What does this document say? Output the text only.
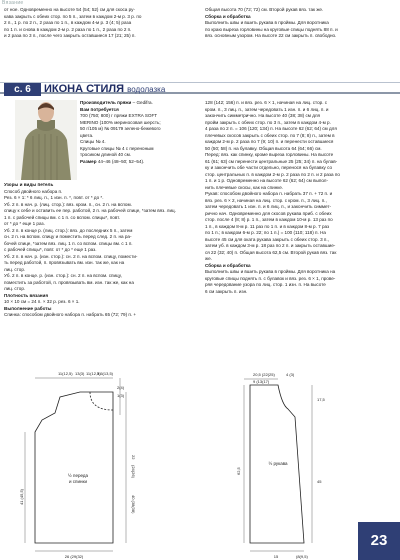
Вязание

от ное. Одновременно на высоте 54 (54; 52) см для скоса ру-

кава закрыть с обеих стор. по 5 п., затем в каждом 2-м р. 3 р. по

2 п., 1 р. по 2 п., 2 раза по 1 п., в каждом 4-м р. 3 (4; 5) раза

по 1 п. и снова в каждом 2-м р. 2 раза по 1 п., 2 раза по 2 п.

и 2 раза по 3 п., после чего закрыть оставшиеся 17 (21; 25) п.

Общая высота 70 (72; 72) см. Второй рукав вяз. так же.

Сборка и обработка

Выполнить швы и вшить рукава в проймы. Для воротника

по краю выреза горловины на круговые спицы поднять 88 п. и

вяз. основным узором. На высоте 22 см закрыть п. свободно.

с. 6	ИКОНА СТИЛЯ водолазка

Производитель пряжи – Gedifra.

Вам потребуется

700 (750; 800) г пряжи EXTRA SOFT

MERINO (100% мериносовая шерсть;

50 г/105 м) № 09179 зелено-бежевого

цвета.

Спицы № 4.

Круговые спицы № 4 с переноным

тросиком длиной 40 см.

Размер 44–46 (48–50; 52–54).

Узоры и виды петель

Способ двойного набора п.

Рез. 6 × 1: * 6 лиц. п., 1 изн. п. *, повт. от * до *.

Уб. 2 п. в нач. р. (лиц. стор.): вяз. кром. п., сн. 2 п. на вспом.

спицу к себе и оставить ее пер. работой, 2 п. на рабочей спице, *затем вяз. лиц.

1 п. с рабочей спицы вм. с 1 п. со вспом. спицы*, повт.

от * до * еще 1 раз.

Уб. 2 п. в конце р. (лиц. стор.): вяз. до последних 5 п., затем

сн. 2 п. на вспом. спицу и поместить перед след. 2 п. на ра-

бочей спице, *затем вяз. лиц. 1 п. со вспом. спицы вм. с 1 п.

с рабочей спицы*, повт. от * до * еще 1 раз.

Уб. 2 п. в нач. р. (изн. стор.): сн. 2 п. на вспом. спицу, помести-

ть перед работой, п. провязывать вм. изн. так же, как на

лиц. стор.

Уб. 2 п. в конце. р. (изн. стор.): сн. 2 п. на вспом. спицу,

поместить за работой, п. провязывать вм. изн. так же, как на

лиц. стор.

Плотность вязания

10 × 10 см = 24 п. × 32 р. рез. 6 × 1.

Выполнение работы

Спинка: способом двойного набора п. набрать 65 (72; 79) п. +

128 (142; 156) п. и вяз. рез. 6 × 1, начиная на лиц. стор. с

кром. п., 3 лиц. п., затем чередовать 1 изн. п. и 6 лиц. п. и

закончить симметрично. На высоте 40 (38; 38) см для

пройм закрыть с обеих стор. по 3 п., затем в каждом 4-м р.

4 раза по 2 п. = 106 (120; 134) п. На высоте 62 (62; 64) см для

плечевых скосов закрыть с обеих стор. по 7 (8; 8) п., затем в

каждом 2-м р. 2 раза по 7 (9; 10) п. и перенести оставшиеся

50 (50; 58) п. на булавку. Общая высота 64 (64; 66) см.

Перед: вяз. как спинку, кроме выреза горловины. На высоте

61 (61; 63) см перенести центральные 25 (25; 34) п. на булав-

ку и закончить обе части отдельно, перенося на булавку со

стор. центральных п. в каждом 2-м р. 2 раза по 2 п. и 2 раза по

1 п. и 1 р. Одновременно на высоте 62 (62; 64) см выпол-

нить плечевые скосы, как на спинке.

Рукав: способом двойного набора п. набрать 37 п. + 72 п. и

вяз. рез. 6 × 2, начиная на лиц. стор. с кром. п., 3 лиц. п.,

затем чередовать 1 изн. п. и 6 лиц. п., и закончить симмет-

рично нач. Одновременно для скосов рукава приб. с обеих

стор. после 4 (8; 8) р. 1 п., затем в каждом 10-м р. 13 раз по

1 п., в каждом 8-м р. 11 раз по 1 п. и в каждом 8-м р. 7 раз

по 1 п.; в каждом 6-м р. 22; по 1 п.) = 100 (110; 118) п. На

высоте 45 см для оката рукава закрыть с обеих стор. 3 п.,

затем уб. в каждом 3-м р. 18 раз по 2 п. и закрыть оставшие-

ся 22 (32; 40) п. Общая высота 62,5 см. Второй рукав вяз. так

же.

Сборка и обработка

Выполнить швы и вшить рукава в проймы. Для воротника на

круговые спицы поднять п. с булавок и вяз. рез. 6 × 1, прове-

ряя чередование узора по лиц. стор. 1 изн. п. На высоте

6 см закрыть п. изн.

11(12,5) 13(3) 11(12,5)
3,5(13,5)
2(4)
1(3)
22
(24(26)
40 (38(38)
41 (45,5)
½ переда
и спинки
26 (29(32)
20,5 (22(25)
9 (13(17)
4 (3)
17,5
45
62,5
½ рукава
15	(8(9,5)
23
